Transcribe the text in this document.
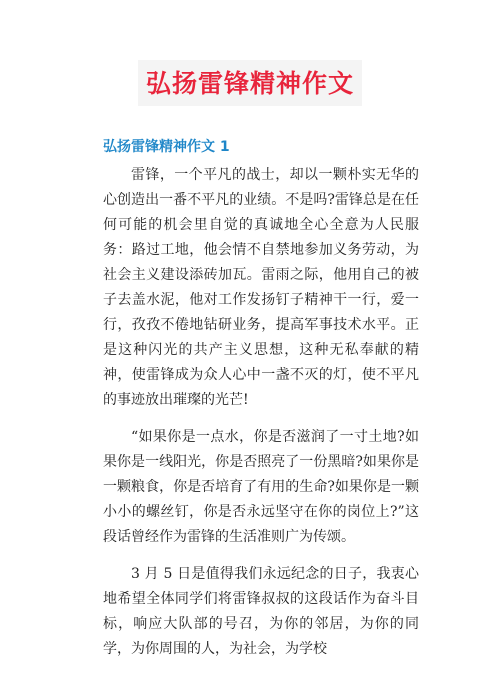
弘扬雷锋精神作文
弘扬雷锋精神作文 1

雷锋，一个平凡的战士，却以一颗朴实无华的心创造出一番不平凡的业绩。不是吗?雷锋总是在任何可能的机会里自觉的真诚地全心全意为人民服务：路过工地，他会情不自禁地参加义务劳动，为社会主义建设添砖加瓦。雷雨之际，他用自己的被子去盖水泥，他对工作发扬钉子精神干一行，爱一行，孜孜不倦地钻研业务，提高军事技术水平。正是这种闪光的共产主义思想，这种无私奉献的精神，使雷锋成为众人心中一盏不灭的灯，使不平凡的事迹放出璀璨的光芒!

“如果你是一点水，你是否滋润了一寸土地?如果你是一线阳光，你是否照亮了一份黑暗?如果你是一颗粮食，你是否培育了有用的生命?如果你是一颗小小的螺丝钉，你是否永远坚守在你的岗位上?”这段话曾经作为雷锋的生活准则广为传颂。

3 月 5 日是值得我们永远纪念的日子，我衷心地希望全体同学们将雷锋叔叔的这段话作为奋斗目标，响应大队部的号召，为你的邻居，为你的同学，为你周围的人，为社会，为学校
